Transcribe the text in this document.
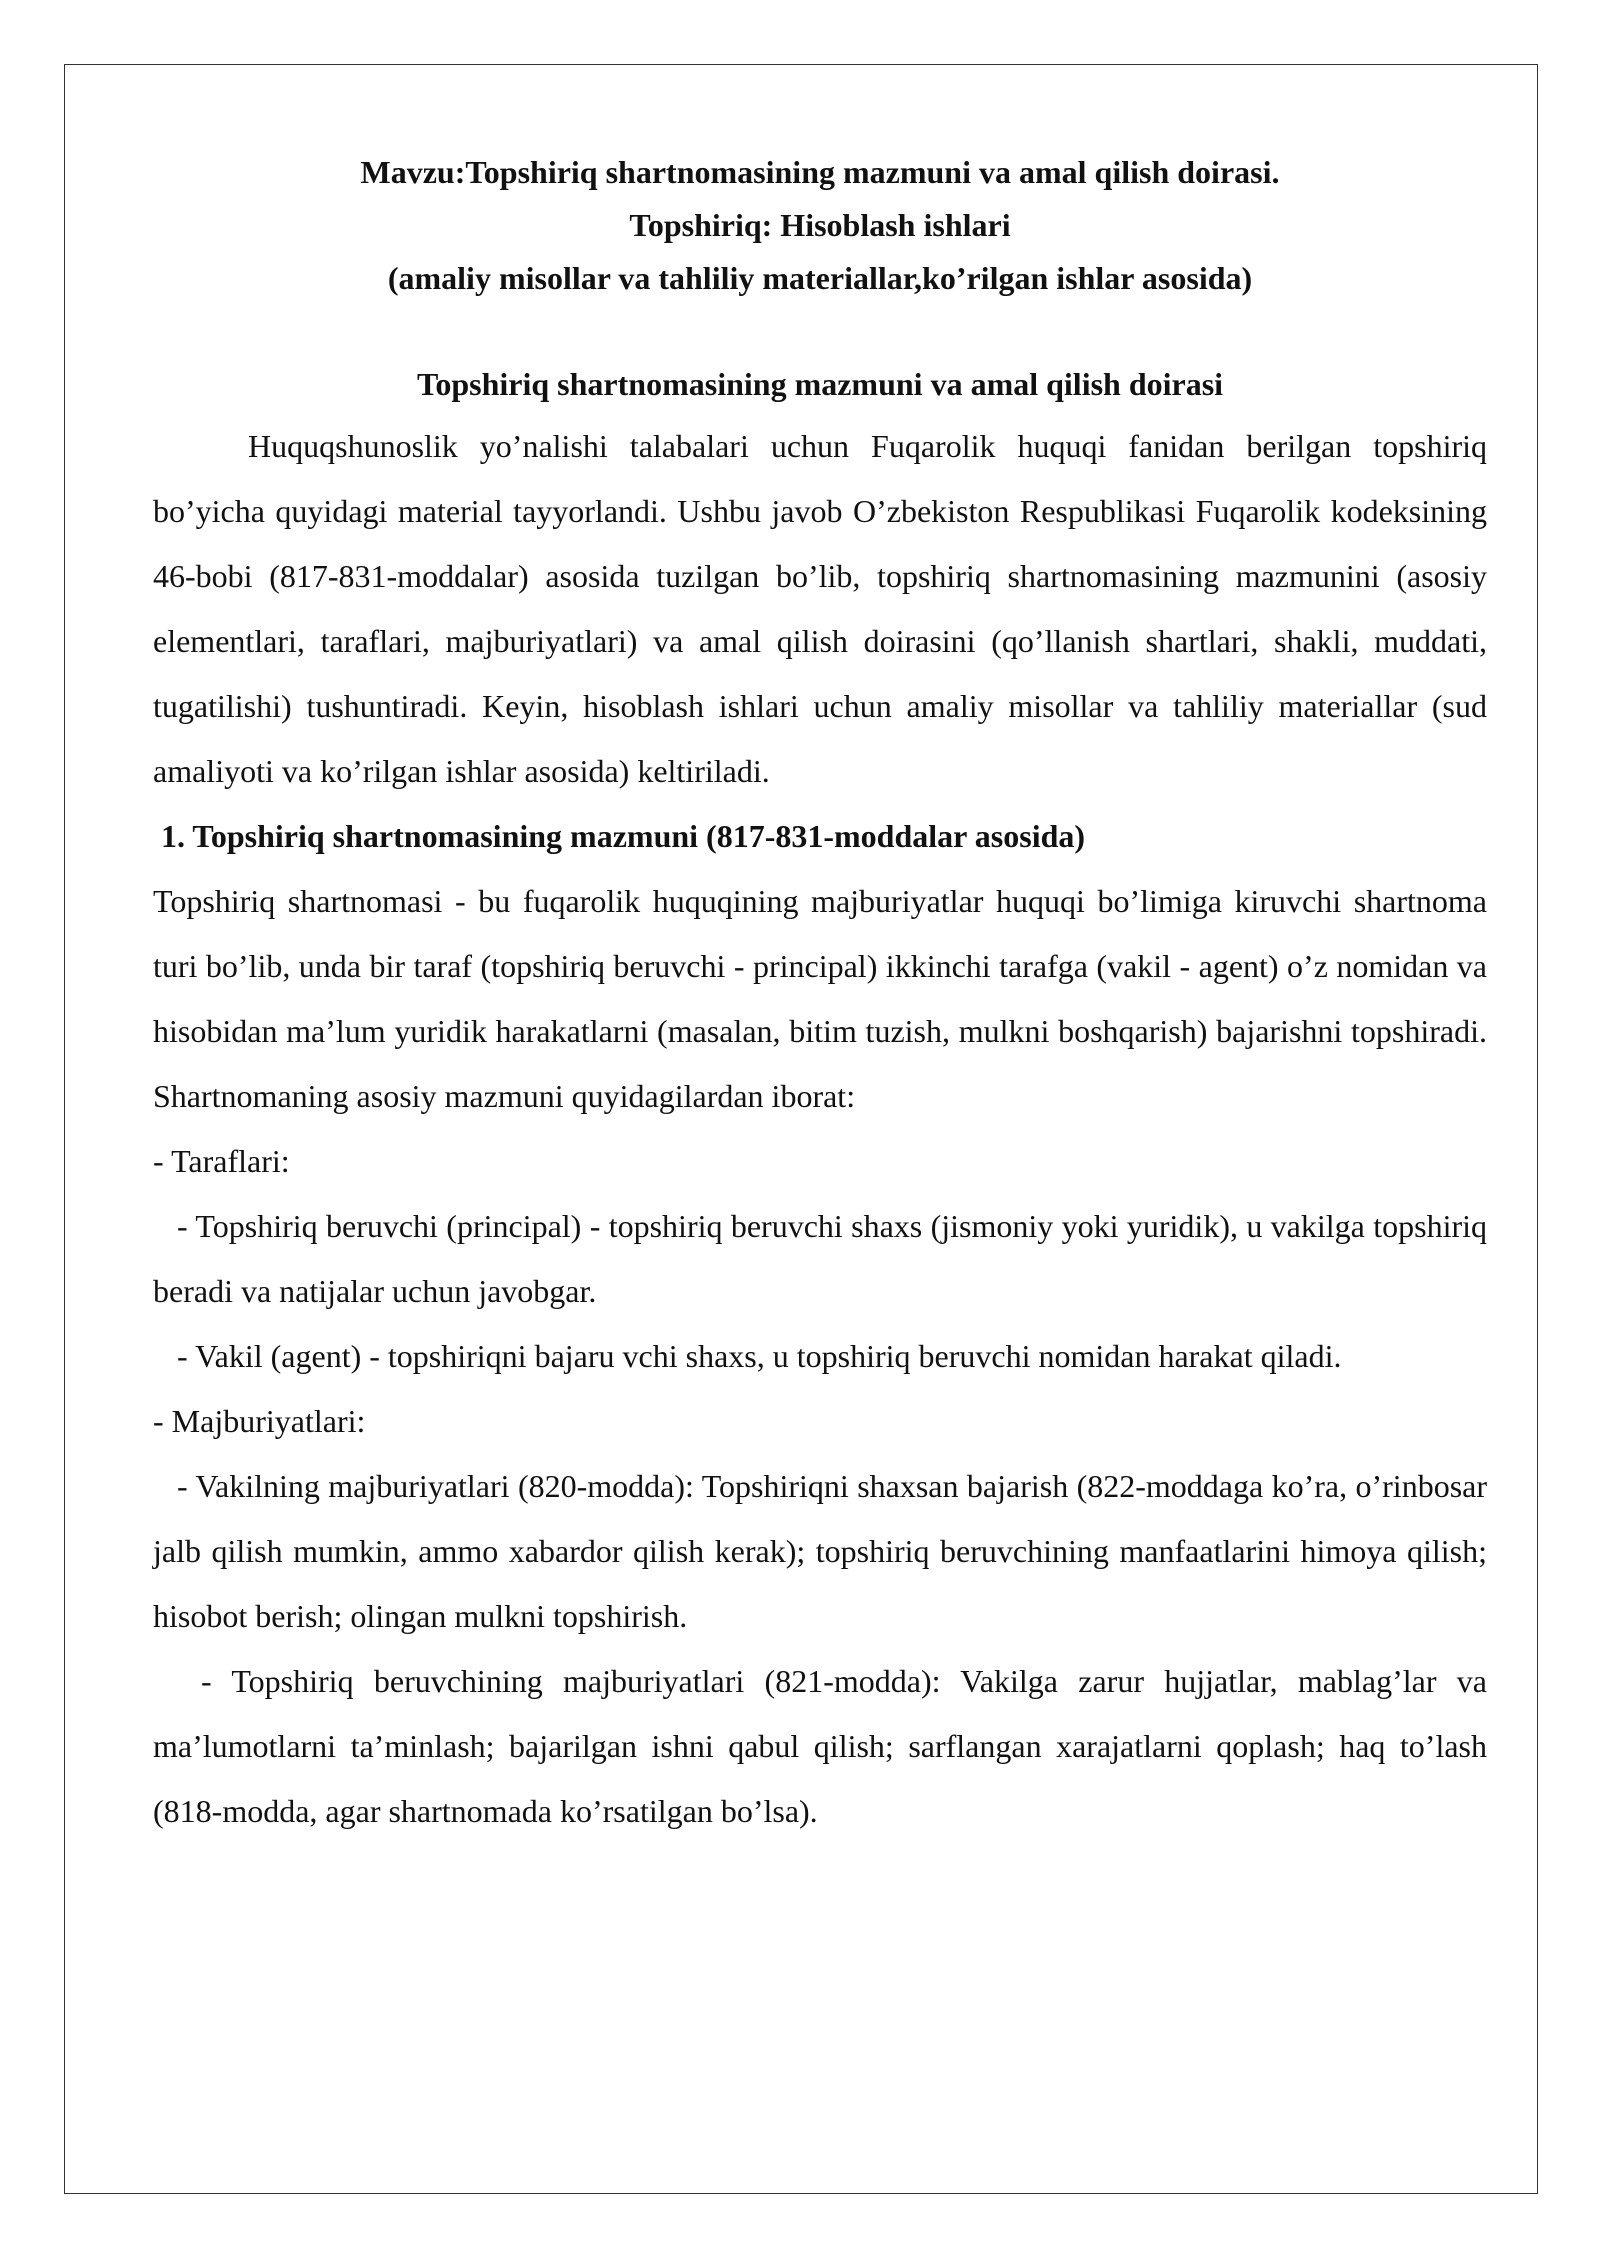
Mavzu:Topshiriq shartnomasining mazmuni va amal qilish doirasi.

Topshiriq: Hisoblash ishlari

(amaliy misollar va tahliliy materiallar,ko’rilgan ishlar asosida)

Topshiriq shartnomasining mazmuni va amal qilish doirasi

Huquqshunoslik yo’nalishi talabalari uchun Fuqarolik huquqi fanidan berilgan topshiriq bo’yicha quyidagi material tayyorlandi. Ushbu javob O’zbekiston Respublikasi Fuqarolik kodeksining 46-bobi (817-831-moddalar) asosida tuzilgan bo’lib, topshiriq shartnomasining mazmunini (asosiy elementlari, taraflari, majburiyatlari) va amal qilish doirasini (qo’llanish shartlari, shakli, muddati, tugatilishi) tushuntiradi. Keyin, hisoblash ishlari uchun amaliy misollar va tahliliy materiallar (sud amaliyoti va ko’rilgan ishlar asosida) keltiriladi.

1. Topshiriq shartnomasining mazmuni (817-831-moddalar asosida)

Topshiriq shartnomasi - bu fuqarolik huquqining majburiyatlar huquqi bo’limiga kiruvchi shartnoma turi bo’lib, unda bir taraf (topshiriq beruvchi - principal) ikkinchi tarafga (vakil - agent) o’z nomidan va hisobidan ma’lum yuridik harakatlarni (masalan, bitim tuzish, mulkni boshqarish) bajarishni topshiradi. Shartnomaning asosiy mazmuni quyidagilardan iborat:

- Taraflari:

- Topshiriq beruvchi (principal) - topshiriq beruvchi shaxs (jismoniy yoki yuridik), u vakilga topshiriq beradi va natijalar uchun javobgar.

- Vakil (agent) - topshiriqni bajaru vchi shaxs, u topshiriq beruvchi nomidan harakat qiladi.

- Majburiyatlari:

- Vakilning majburiyatlari (820-modda): Topshiriqni shaxsan bajarish (822-moddaga ko’ra, o’rinbosar jalb qilish mumkin, ammo xabardor qilish kerak); topshiriq beruvchining manfaatlarini himoya qilish; hisobot berish; olingan mulkni topshirish.

- Topshiriq beruvchining majburiyatlari (821-modda): Vakilga zarur hujjatlar, mablag’lar va ma’lumotlarni ta’minlash; bajarilgan ishni qabul qilish; sarflangan xarajatlarni qoplash; haq to’lash (818-modda, agar shartnomada ko’rsatilgan bo’lsa).
